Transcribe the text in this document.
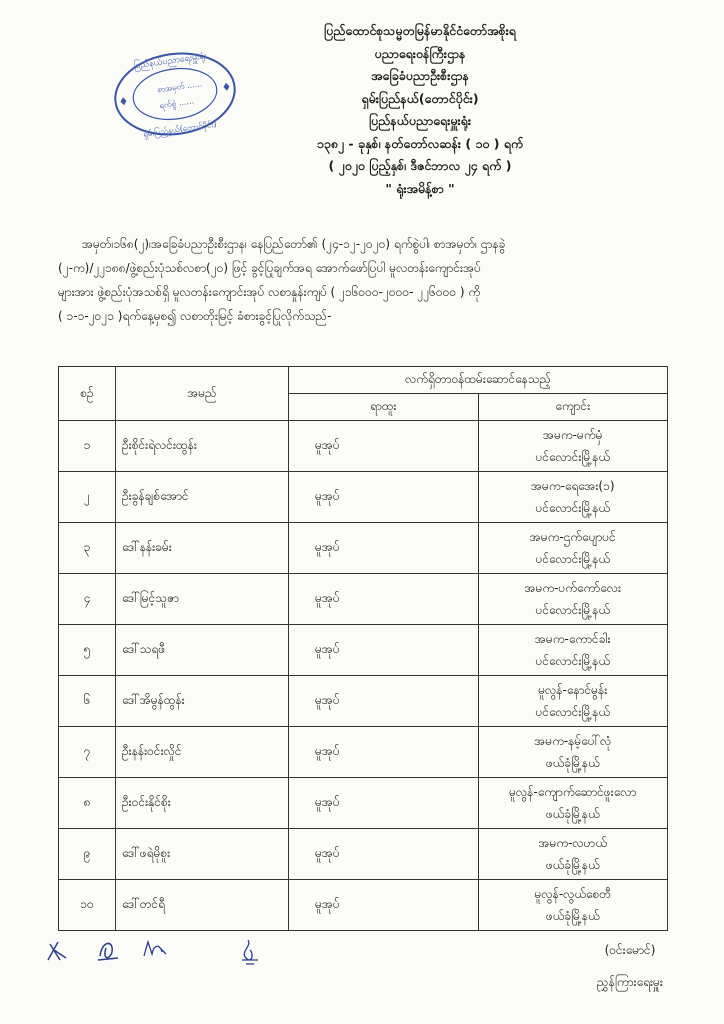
ပြည်နယ်ပညာရေးမှူးရုံး
ရှမ်းပြည်နယ်(တောင်ပိုင်း)
စာအမှတ် ......
ရက်စွဲ ......
ပြည်ထောင်စုသမ္မတမြန်မာနိုင်ငံတော်အစိုးရ
ပညာရေးဝန်ကြီးဌာန
အခြေခံပညာဦးစီးဌာန
ရှမ်းပြည်နယ်(တောင်ပိုင်း)
ပြည်နယ်ပညာရေးမှူးရုံး
၁၃၈၂ - ခုနှစ်၊ နတ်တော်လဆန်း ( ၁၀ ) ရက်
( ၂၀၂၀ ပြည့်နှစ်၊ ဒီဇင်ဘာလ ၂၄ ရက် )
" ရုံးအမိန့်စာ "
အမှတ်၊၁၆၈(၂)၊အခြေခံပညာဦးစီးဌာန၊ နေပြည်တော်၏ (၂၄-၁၂-၂၀၂၀) ရက်စွဲပါ၊ စာအမှတ်၊ ဌာနခွဲ
(၂-က)/၂၂၁၈၈/ဖွဲ့စည်းပုံသစ်လစာ(၂၀) ဖြင့် ခွင့်ပြုချက်အရ အောက်ဖော်ပြပါ မူလတန်းကျောင်းအုပ်
များအား ဖွဲ့စည်းပုံအသစ်ရှိ မူလတန်းကျောင်းအုပ် လစာနှုန်းကျပ် ( ၂၁၆၀၀၀-၂၀၀၀- ၂၂၆၀၀၀ ) ကို
( ၁-၁-၂၀၂၁ )ရက်နေ့မှစ၍ လစာတိုးမြင့် ခံစားခွင့်ပြုလိုက်သည်-
စဉ်	အမည်	လက်ရှိတာဝန်ထမ်းဆောင်နေသည့်	
		ရာထူး	ကျောင်း
၁	ဦးစိုင်းရဲလင်းထွန်း	မူအုပ်	အမက-မက်မှံ
ပင်လောင်းမြို့နယ်

၂	ဦးခွန်ချစ်အောင်	မူအုပ်	အမက-ရေအေး(၁)
ပင်လောင်းမြို့နယ်

၃	ဒေါ်နန်းခမ်း	မူအုပ်	အမက-ဌက်ပျောပင်
ပင်လောင်းမြို့နယ်

၄	ဒေါ်မြင့်သူဇာ	မူအုပ်	အမက-ပက်ကော်လေး
ပင်လောင်းမြို့နယ်

၅	ဒေါ်သရဖီ	မူအုပ်	အမက-ကောင်ခါး
ပင်လောင်းမြို့နယ်

၆	ဒေါ်အိမွန်ထွန်း	မူအုပ်	မူလွန်-နောင်မွန်း
ပင်လောင်းမြို့နယ်

၇	ဦးနန်းဝင်းလှိုင်	မူအုပ်	အမက-နမ့်ပေါ်လုံ
ဖယ်ခုံမြို့နယ်

၈	ဦးဝင်းနိုင်စိုး	မူအုပ်	မူလွန်-ကျောက်ဆောင်ဖူးလော
ဖယ်ခုံမြို့နယ်

၉	ဒေါ်ဖရဲမိုစူး	မူအုပ်	အမက-လဟယ်
ဖယ်ခုံမြို့နယ်

၁၀	ဒေါ်တင်ရီ	မူအုပ်	မူလွန်-လွယ်စေတီ
ဖယ်ခုံမြို့နယ်
(ဝင်းမောင်)
ညွှန်ကြားရေးမှူး
